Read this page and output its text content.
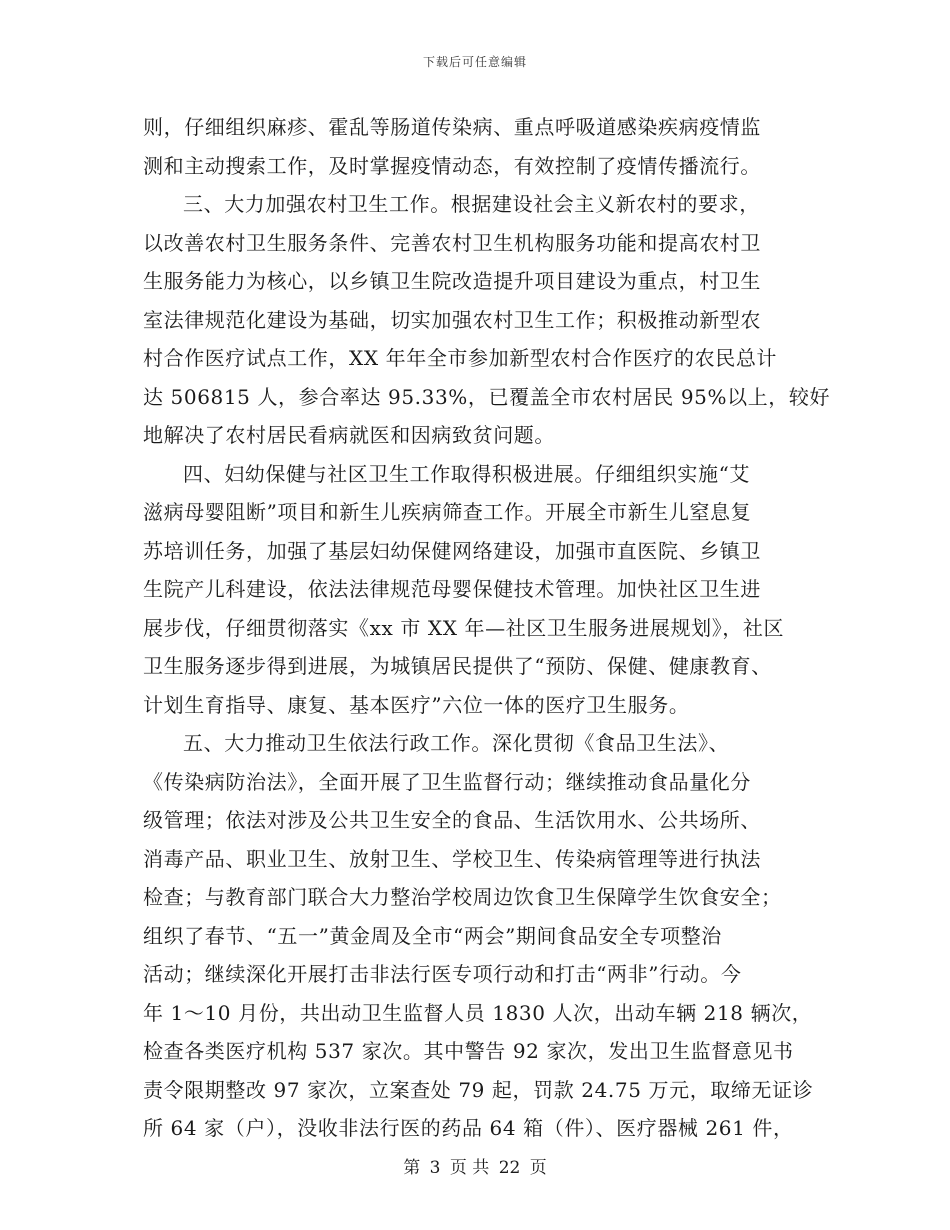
下载后可任意编辑
则，仔细组织麻疹、霍乱等肠道传染病、重点呼吸道感染疾病疫情监
测和主动搜索工作，及时掌握疫情动态，有效控制了疫情传播流行。
三、大力加强农村卫生工作。根据建设社会主义新农村的要求，
以改善农村卫生服务条件、完善农村卫生机构服务功能和提高农村卫
生服务能力为核心，以乡镇卫生院改造提升项目建设为重点，村卫生
室法律规范化建设为基础，切实加强农村卫生工作；积极推动新型农
村合作医疗试点工作，XX 年年全市参加新型农村合作医疗的农民总计
达 506815 人，参合率达 95.33%，已覆盖全市农村居民 95%以上，较好
地解决了农村居民看病就医和因病致贫问题。
四、妇幼保健与社区卫生工作取得积极进展。仔细组织实施“艾
滋病母婴阻断”项目和新生儿疾病筛查工作。开展全市新生儿窒息复
苏培训任务，加强了基层妇幼保健网络建设，加强市直医院、乡镇卫
生院产儿科建设，依法法律规范母婴保健技术管理。加快社区卫生进
展步伐，仔细贯彻落实《xx 市 XX 年—社区卫生服务进展规划》，社区
卫生服务逐步得到进展，为城镇居民提供了“预防、保健、健康教育、
计划生育指导、康复、基本医疗”六位一体的医疗卫生服务。
五、大力推动卫生依法行政工作。深化贯彻《食品卫生法》、
《传染病防治法》，全面开展了卫生监督行动；继续推动食品量化分
级管理；依法对涉及公共卫生安全的食品、生活饮用水、公共场所、
消毒产品、职业卫生、放射卫生、学校卫生、传染病管理等进行执法
检查；与教育部门联合大力整治学校周边饮食卫生保障学生饮食安全；
组织了春节、“五一”黄金周及全市“两会”期间食品安全专项整治
活动；继续深化开展打击非法行医专项行动和打击“两非”行动。今
年 1～10 月份，共出动卫生监督人员 1830 人次，出动车辆 218 辆次，
检查各类医疗机构 537 家次。其中警告 92 家次，发出卫生监督意见书
责令限期整改 97 家次，立案查处 79 起，罚款 24.75 万元，取缔无证诊
所 64 家（户），没收非法行医的药品 64 箱（件）、医疗器械 261 件，
第 3 页 共 22 页
